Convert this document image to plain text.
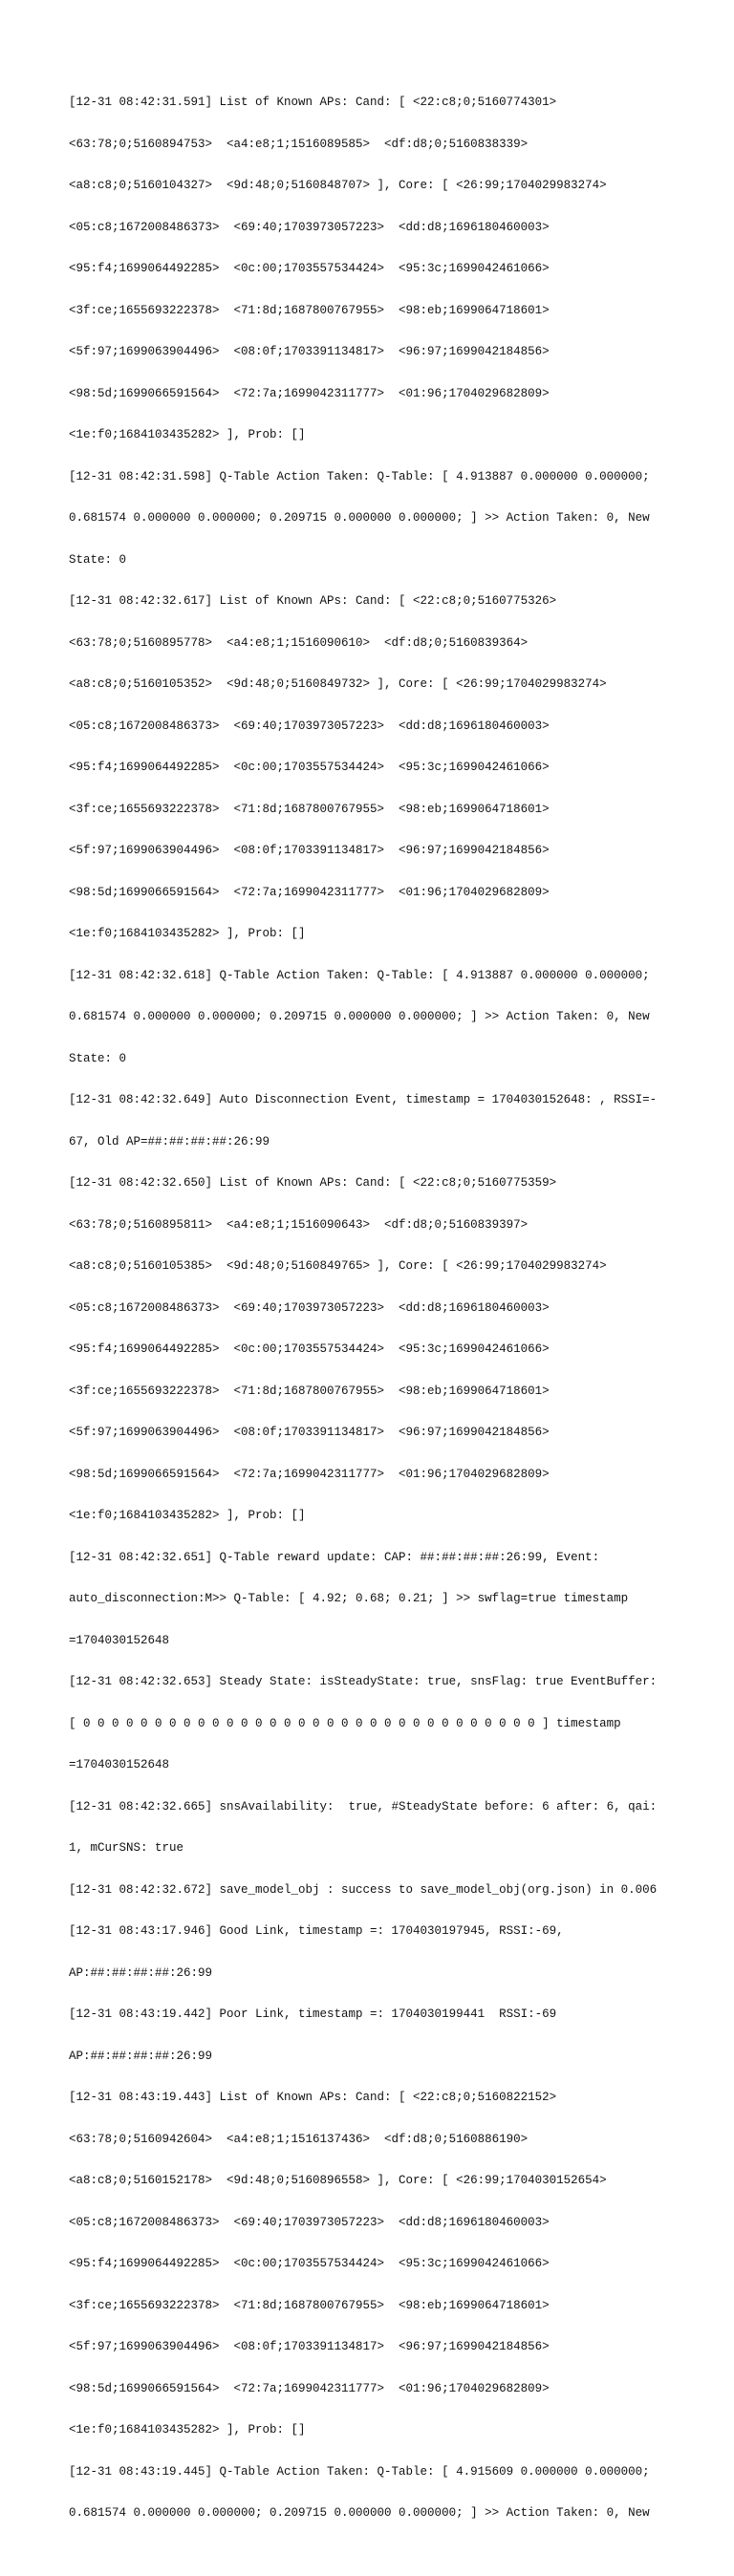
[12-31 08:42:31.591] List of Known APs: Cand: [ <22:c8;0;5160774301>

<63:78;0;5160894753>  <a4:e8;1;1516089585>  <df:d8;0;5160838339>

<a8:c8;0;5160104327>  <9d:48;0;5160848707> ], Core: [ <26:99;1704029983274>

<05:c8;1672008486373>  <69:40;1703973057223>  <dd:d8;1696180460003>

<95:f4;1699064492285>  <0c:00;1703557534424>  <95:3c;1699042461066>

<3f:ce;1655693222378>  <71:8d;1687800767955>  <98:eb;1699064718601>

<5f:97;1699063904496>  <08:0f;1703391134817>  <96:97;1699042184856>

<98:5d;1699066591564>  <72:7a;1699042311777>  <01:96;1704029682809>

<1e:f0;1684103435282> ], Prob: []

[12-31 08:42:31.598] Q-Table Action Taken: Q-Table: [ 4.913887 0.000000 0.000000;

0.681574 0.000000 0.000000; 0.209715 0.000000 0.000000; ] >> Action Taken: 0, New

State: 0

[12-31 08:42:32.617] List of Known APs: Cand: [ <22:c8;0;5160775326>

<63:78;0;5160895778>  <a4:e8;1;1516090610>  <df:d8;0;5160839364>

<a8:c8;0;5160105352>  <9d:48;0;5160849732> ], Core: [ <26:99;1704029983274>

<05:c8;1672008486373>  <69:40;1703973057223>  <dd:d8;1696180460003>

<95:f4;1699064492285>  <0c:00;1703557534424>  <95:3c;1699042461066>

<3f:ce;1655693222378>  <71:8d;1687800767955>  <98:eb;1699064718601>

<5f:97;1699063904496>  <08:0f;1703391134817>  <96:97;1699042184856>

<98:5d;1699066591564>  <72:7a;1699042311777>  <01:96;1704029682809>

<1e:f0;1684103435282> ], Prob: []

[12-31 08:42:32.618] Q-Table Action Taken: Q-Table: [ 4.913887 0.000000 0.000000;

0.681574 0.000000 0.000000; 0.209715 0.000000 0.000000; ] >> Action Taken: 0, New

State: 0

[12-31 08:42:32.649] Auto Disconnection Event, timestamp = 1704030152648: , RSSI=-

67, Old AP=##:##:##:##:26:99

[12-31 08:42:32.650] List of Known APs: Cand: [ <22:c8;0;5160775359>

<63:78;0;5160895811>  <a4:e8;1;1516090643>  <df:d8;0;5160839397>

<a8:c8;0;5160105385>  <9d:48;0;5160849765> ], Core: [ <26:99;1704029983274>

<05:c8;1672008486373>  <69:40;1703973057223>  <dd:d8;1696180460003>

<95:f4;1699064492285>  <0c:00;1703557534424>  <95:3c;1699042461066>

<3f:ce;1655693222378>  <71:8d;1687800767955>  <98:eb;1699064718601>

<5f:97;1699063904496>  <08:0f;1703391134817>  <96:97;1699042184856>

<98:5d;1699066591564>  <72:7a;1699042311777>  <01:96;1704029682809>

<1e:f0;1684103435282> ], Prob: []

[12-31 08:42:32.651] Q-Table reward update: CAP: ##:##:##:##:26:99, Event:

auto_disconnection:M>> Q-Table: [ 4.92; 0.68; 0.21; ] >> swflag=true timestamp

=1704030152648

[12-31 08:42:32.653] Steady State: isSteadyState: true, snsFlag: true EventBuffer:

[ 0 0 0 0 0 0 0 0 0 0 0 0 0 0 0 0 0 0 0 0 0 0 0 0 0 0 0 0 0 0 0 0 ] timestamp

=1704030152648

[12-31 08:42:32.665] snsAvailability:  true, #SteadyState before: 6 after: 6, qai:

1, mCurSNS: true

[12-31 08:42:32.672] save_model_obj : success to save_model_obj(org.json) in 0.006

[12-31 08:43:17.946] Good Link, timestamp =: 1704030197945, RSSI:-69,

AP:##:##:##:##:26:99

[12-31 08:43:19.442] Poor Link, timestamp =: 1704030199441  RSSI:-69

AP:##:##:##:##:26:99

[12-31 08:43:19.443] List of Known APs: Cand: [ <22:c8;0;5160822152>

<63:78;0;5160942604>  <a4:e8;1;1516137436>  <df:d8;0;5160886190>

<a8:c8;0;5160152178>  <9d:48;0;5160896558> ], Core: [ <26:99;1704030152654>

<05:c8;1672008486373>  <69:40;1703973057223>  <dd:d8;1696180460003>

<95:f4;1699064492285>  <0c:00;1703557534424>  <95:3c;1699042461066>

<3f:ce;1655693222378>  <71:8d;1687800767955>  <98:eb;1699064718601>

<5f:97;1699063904496>  <08:0f;1703391134817>  <96:97;1699042184856>

<98:5d;1699066591564>  <72:7a;1699042311777>  <01:96;1704029682809>

<1e:f0;1684103435282> ], Prob: []

[12-31 08:43:19.445] Q-Table Action Taken: Q-Table: [ 4.915609 0.000000 0.000000;

0.681574 0.000000 0.000000; 0.209715 0.000000 0.000000; ] >> Action Taken: 0, New
